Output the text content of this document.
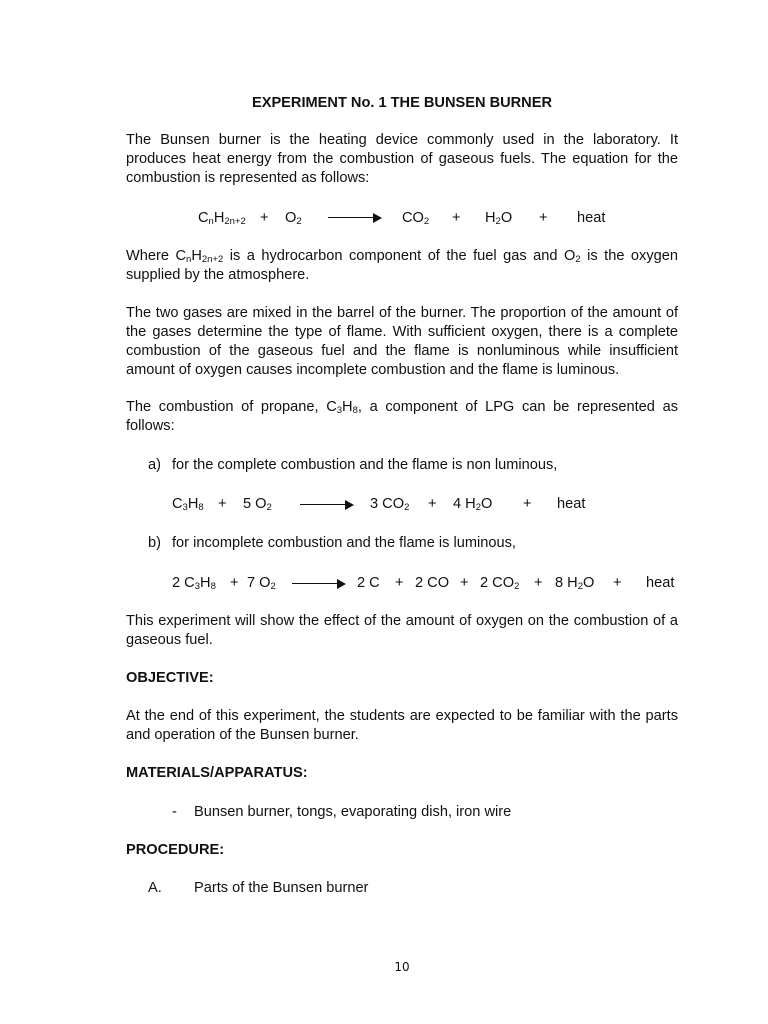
EXPERIMENT No. 1 THE BUNSEN BURNER
The Bunsen burner is the heating device commonly used in the laboratory. It produces heat energy from the combustion of gaseous fuels. The equation for the combustion is represented as follows:
$C_nH_{2n+2} + O_2$	$CO_2 + H_2O$ + heat
Where $C_nH_{2n+2}$ is a hydrocarbon component of the fuel gas and $O_2$ is the oxygen supplied by the atmosphere.
The two gases are mixed in the barrel of the burner. The proportion of the amount of the gases determine the type of flame. With sufficient oxygen, there is a complete combustion of the gaseous fuel and the flame is nonluminous while insufficient amount of oxygen causes incomplete combustion and the flame is luminous.
The combustion of propane, $C_3H_8$, a component of LPG can be represented as follows:
a) for the complete combustion and the flame is non luminous,
$C_3H_8 + 5$ $O_2$	3 $CO_2 + 4$ $H_2O$ + heat
b) for incomplete combustion and the flame is luminous,
2 $C_3H_8 + 7$ $O_2$	2 C + 2 CO + 2 $CO_2 + 8$ $H_2O$ + heat
This experiment will show the effect of the amount of oxygen on the combustion of a gaseous fuel.
OBJECTIVE:
At the end of this experiment, the students are expected to be familiar with the parts and operation of the Bunsen burner.
MATERIALS/APPARATUS:
- Bunsen burner, tongs, evaporating dish, iron wire
PROCEDURE:
A. Parts of the Bunsen burner
10
